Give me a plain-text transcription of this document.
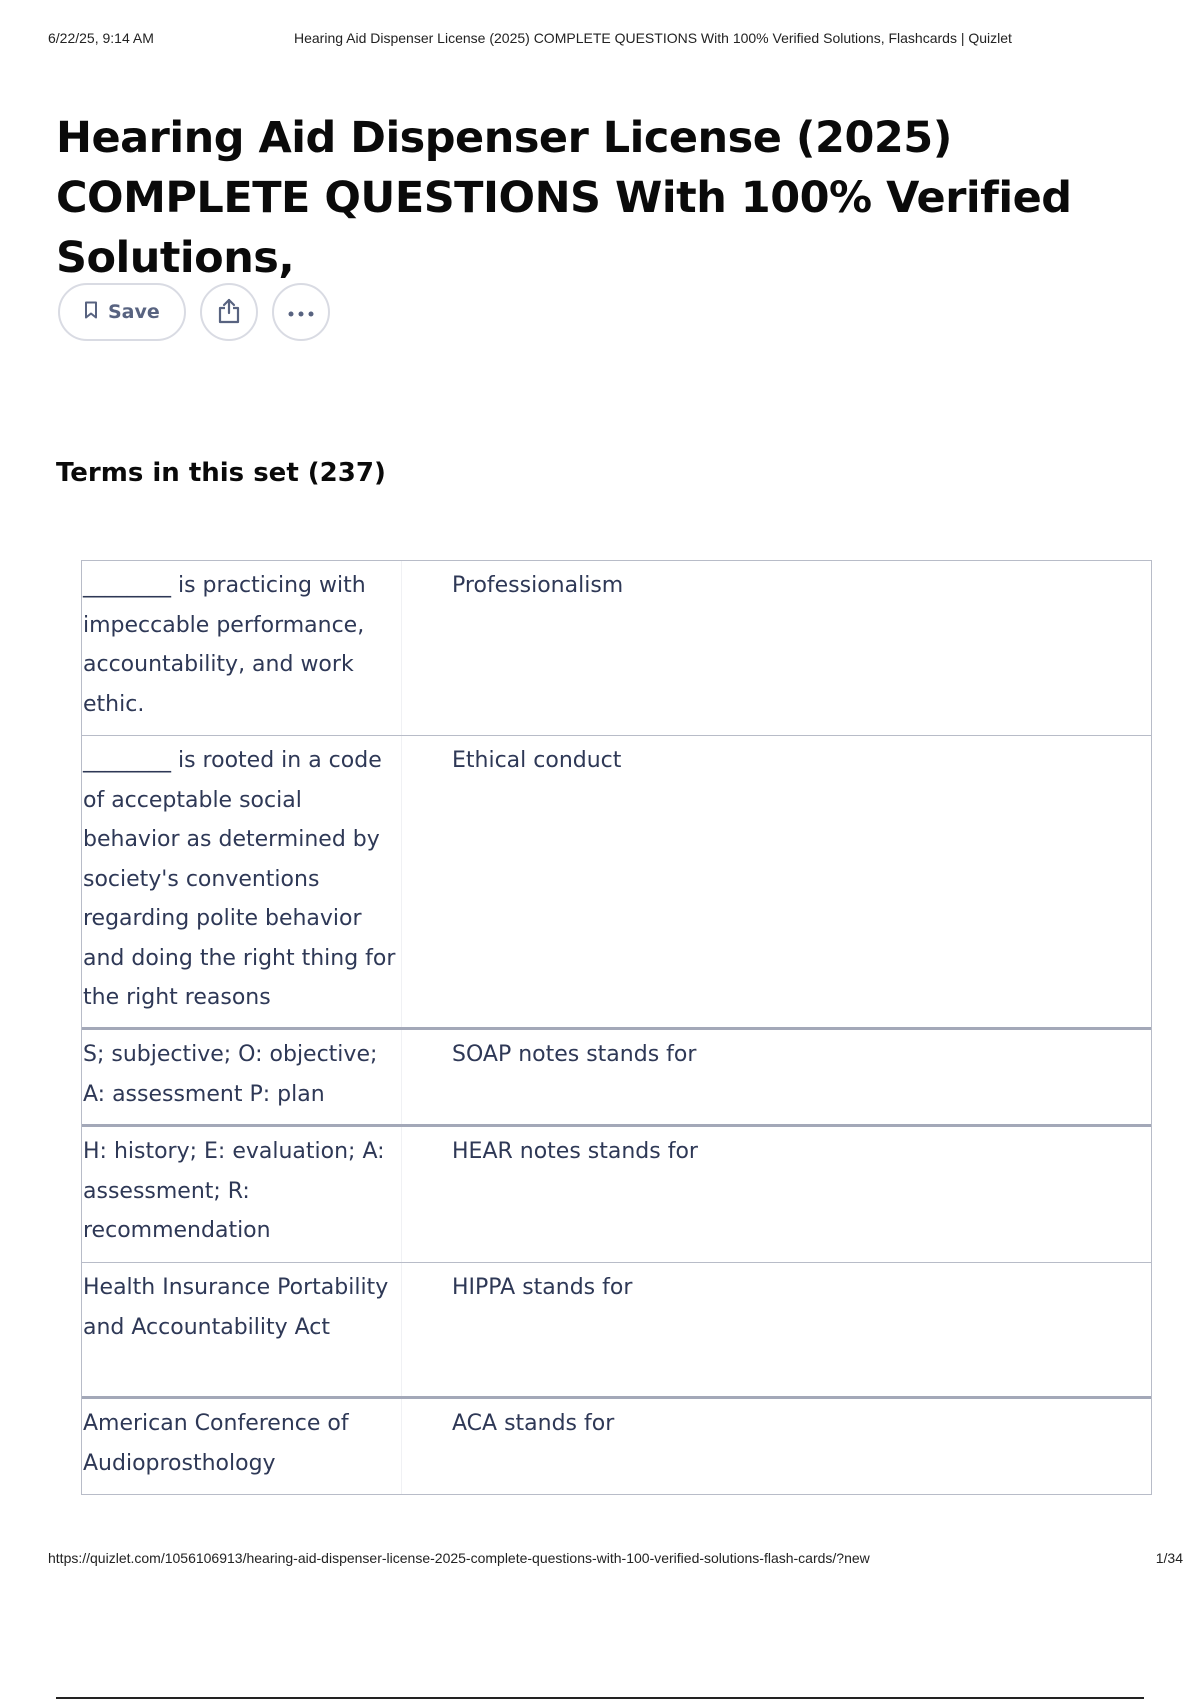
6/22/25, 9:14 AM	Hearing Aid Dispenser License (2025) COMPLETE QUESTIONS With 100% Verified Solutions, Flashcards | Quizlet
Hearing Aid Dispenser License (2025) COMPLETE QUESTIONS With 100% Verified Solutions,
Save
Terms in this set (237)
________ is practicing with impeccable performance, accountability, and work ethic.
Professionalism
________ is rooted in a code of acceptable social behavior as determined by society's conventions regarding polite behavior and doing the right thing for the right reasons
Ethical conduct
S; subjective; O: objective; A: assessment P: plan
SOAP notes stands for
H: history; E: evaluation; A: assessment; R: recommendation
HEAR notes stands for
Health Insurance Portability and Accountability Act
HIPPA stands for
American Conference of Audioprosthology
ACA stands for
https://quizlet.com/1056106913/hearing-aid-dispenser-license-2025-complete-questions-with-100-verified-solutions-flash-cards/?new	1/34
